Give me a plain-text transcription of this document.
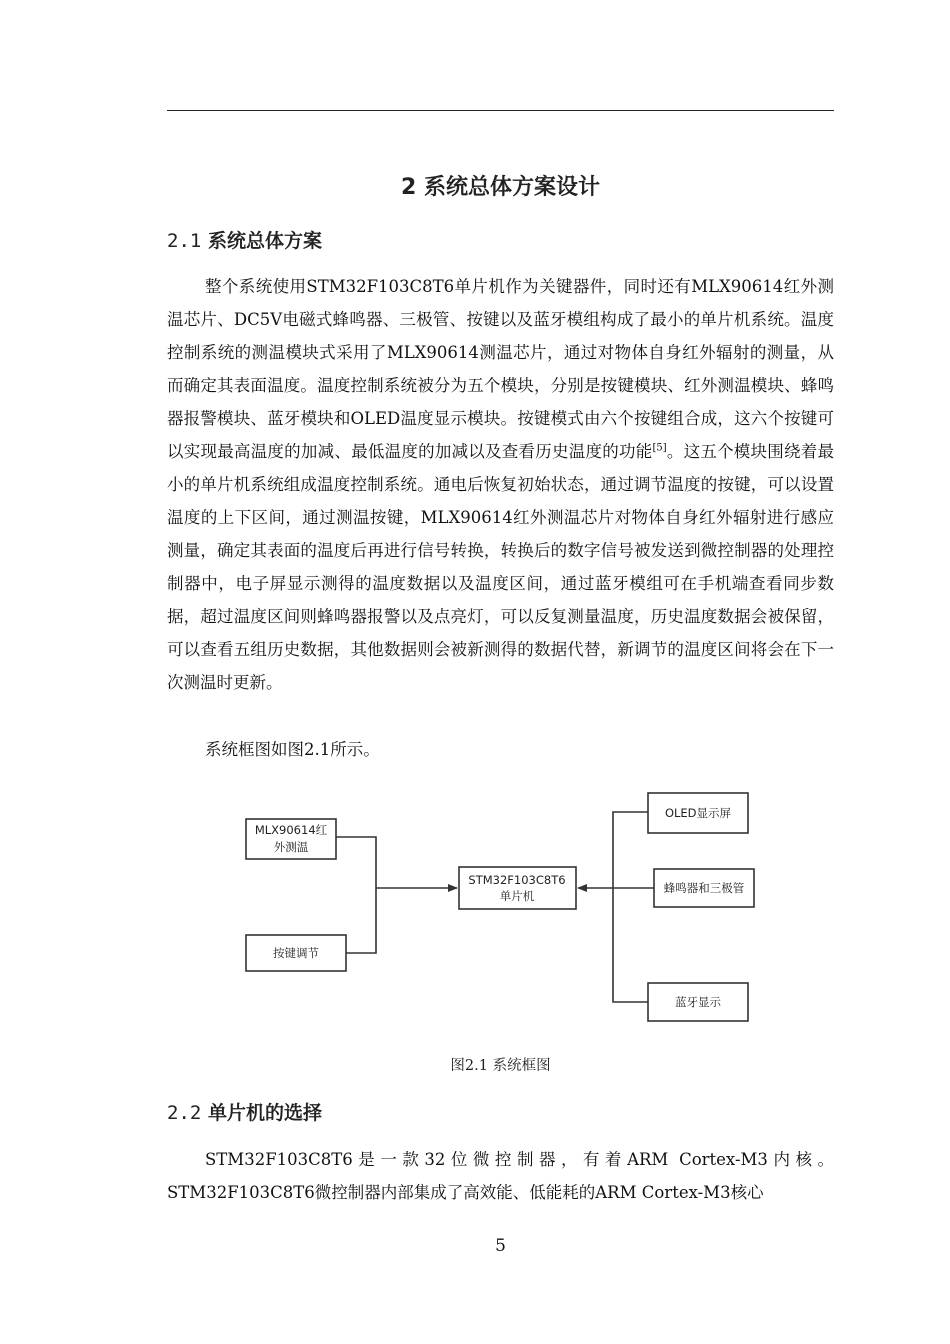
2 系统总体方案设计
2.1 系统总体方案

整个系统使用STM32F103C8T6单片机作为关键器件，同时还有MLX90614红外测温芯片、DC5V电磁式蜂鸣器、三极管、按键以及蓝牙模组构成了最小的单片机系统。温度控制系统的测温模块式采用了MLX90614测温芯片，通过对物体自身红外辐射的测量，从而确定其表面温度。温度控制系统被分为五个模块，分别是按键模块、红外测温模块、蜂鸣器报警模块、蓝牙模块和OLED温度显示模块。按键模式由六个按键组合成，这六个按键可以实现最高温度的加减、最低温度的加减以及查看历史温度的功能[5]。这五个模块围绕着最小的单片机系统组成温度控制系统。通电后恢复初始状态，通过调节温度的按键，可以设置温度的上下区间，通过测温按键，MLX90614红外测温芯片对物体自身红外辐射进行感应测量，确定其表面的温度后再进行信号转换，转换后的数字信号被发送到微控制器的处理控制器中，电子屏显示测得的温度数据以及温度区间，通过蓝牙模组可在手机端查看同步数据，超过温度区间则蜂鸣器报警以及点亮灯，可以反复测量温度，历史温度数据会被保留，可以查看五组历史数据，其他数据则会被新测得的数据代替，新调节的温度区间将会在下一次测温时更新。

系统框图如图2.1所示。

MLX90614红
外测温
按键调节
STM32F103C8T6
单片机
OLED显示屏
蜂鸣器和三极管
蓝牙显示
图2.1 系统框图
2.2 单片机的选择

STM32F103C8T6是一款32位微控制器，有着ARM Cortex-M3内核。STM32F103C8T6微控制器内部集成了高效能、低能耗的ARM Cortex-M3核心

5
